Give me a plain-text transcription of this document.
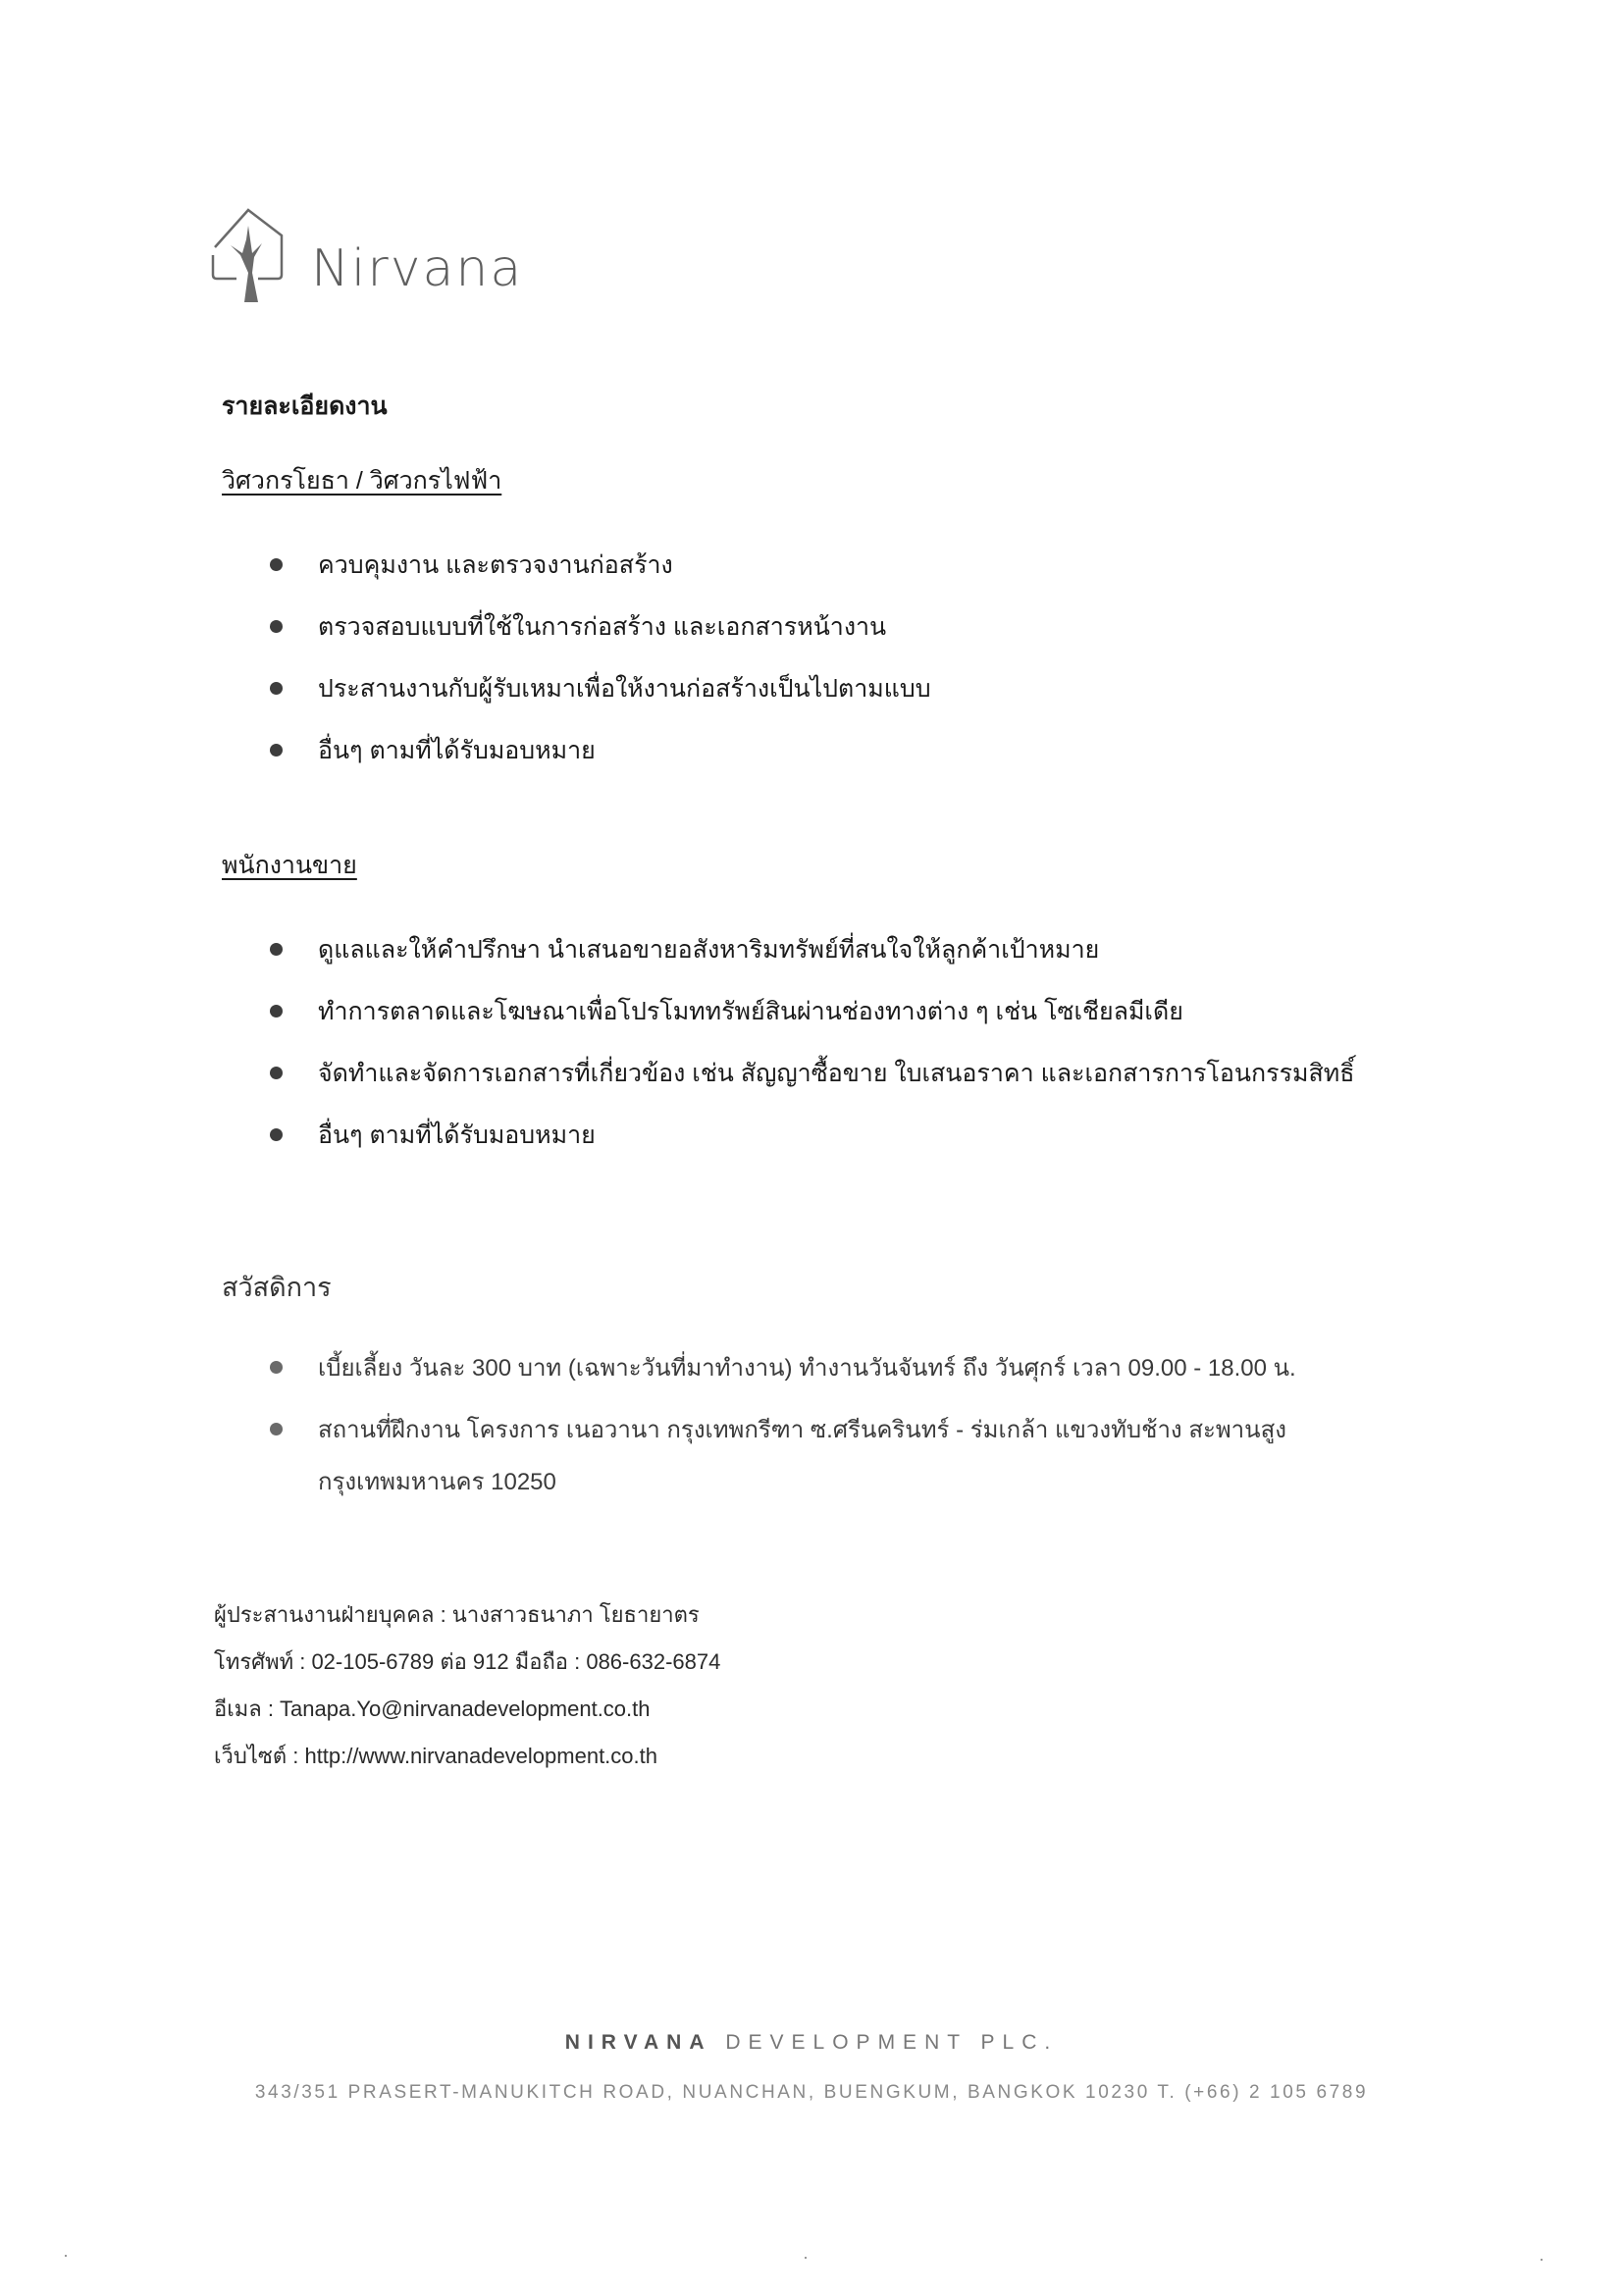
Nirvana
รายละเอียดงาน
วิศวกรโยธา / วิศวกรไฟฟ้า
ควบคุมงาน และตรวจงานก่อสร้าง
ตรวจสอบแบบที่ใช้ในการก่อสร้าง และเอกสารหน้างาน
ประสานงานกับผู้รับเหมาเพื่อให้งานก่อสร้างเป็นไปตามแบบ
อื่นๆ ตามที่ได้รับมอบหมาย
พนักงานขาย
ดูแลและให้คำปรึกษา นำเสนอขายอสังหาริมทรัพย์ที่สนใจให้ลูกค้าเป้าหมาย
ทำการตลาดและโฆษณาเพื่อโปรโมททรัพย์สินผ่านช่องทางต่าง ๆ เช่น โซเชียลมีเดีย
จัดทำและจัดการเอกสารที่เกี่ยวข้อง เช่น สัญญาซื้อขาย ใบเสนอราคา และเอกสารการโอนกรรมสิทธิ์
อื่นๆ ตามที่ได้รับมอบหมาย
สวัสดิการ
เบี้ยเลี้ยง วันละ 300 บาท (เฉพาะวันที่มาทำงาน) ทำงานวันจันทร์ ถึง วันศุกร์ เวลา 09.00 - 18.00 น.
สถานที่ฝึกงาน โครงการ เนอวานา กรุงเทพกรีฑา ซ.ศรีนครินทร์ - ร่มเกล้า แขวงทับช้าง สะพานสูง
กรุงเทพมหานคร 10250
ผู้ประสานงานฝ่ายบุคคล : นางสาวธนาภา โยธายาตร
โทรศัพท์ : 02-105-6789 ต่อ 912 มือถือ : 086-632-6874
อีเมล : Tanapa.Yo@nirvanadevelopment.co.th
เว็บไซต์ : http://www.nirvanadevelopment.co.th
NIRVANA DEVELOPMENT PLC.
343/351 PRASERT-MANUKITCH ROAD, NUANCHAN, BUENGKUM, BANGKOK 10230 T. (+66) 2 105 6789
